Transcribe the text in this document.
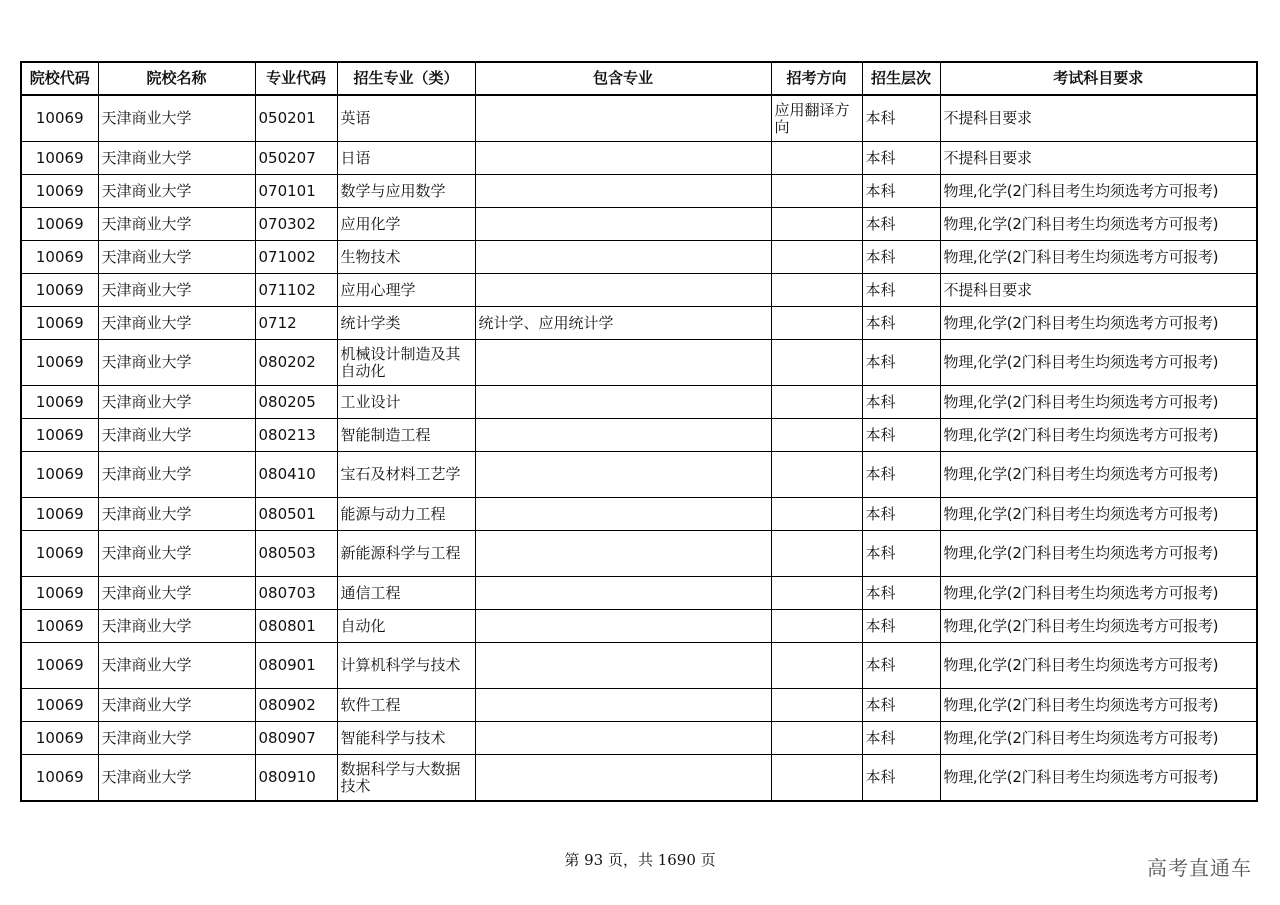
院校代码	院校名称	专业代码	招生专业（类）	包含专业	招考方向	招生层次	考试科目要求
10069	天津商业大学	050201	英语		应用翻译方向	本科	不提科目要求
10069	天津商业大学	050207	日语			本科	不提科目要求
10069	天津商业大学	070101	数学与应用数学			本科	物理,化学(2门科目考生均须选考方可报考)
10069	天津商业大学	070302	应用化学			本科	物理,化学(2门科目考生均须选考方可报考)
10069	天津商业大学	071002	生物技术			本科	物理,化学(2门科目考生均须选考方可报考)
10069	天津商业大学	071102	应用心理学			本科	不提科目要求
10069	天津商业大学	0712	统计学类	统计学、应用统计学		本科	物理,化学(2门科目考生均须选考方可报考)
10069	天津商业大学	080202	机械设计制造及其自动化			本科	物理,化学(2门科目考生均须选考方可报考)
10069	天津商业大学	080205	工业设计			本科	物理,化学(2门科目考生均须选考方可报考)
10069	天津商业大学	080213	智能制造工程			本科	物理,化学(2门科目考生均须选考方可报考)
10069	天津商业大学	080410	宝石及材料工艺学			本科	物理,化学(2门科目考生均须选考方可报考)
10069	天津商业大学	080501	能源与动力工程			本科	物理,化学(2门科目考生均须选考方可报考)
10069	天津商业大学	080503	新能源科学与工程			本科	物理,化学(2门科目考生均须选考方可报考)
10069	天津商业大学	080703	通信工程			本科	物理,化学(2门科目考生均须选考方可报考)
10069	天津商业大学	080801	自动化			本科	物理,化学(2门科目考生均须选考方可报考)
10069	天津商业大学	080901	计算机科学与技术			本科	物理,化学(2门科目考生均须选考方可报考)
10069	天津商业大学	080902	软件工程			本科	物理,化学(2门科目考生均须选考方可报考)
10069	天津商业大学	080907	智能科学与技术			本科	物理,化学(2门科目考生均须选考方可报考)
10069	天津商业大学	080910	数据科学与大数据技术			本科	物理,化学(2门科目考生均须选考方可报考)
第 93 页，共 1690 页	高考直通车
